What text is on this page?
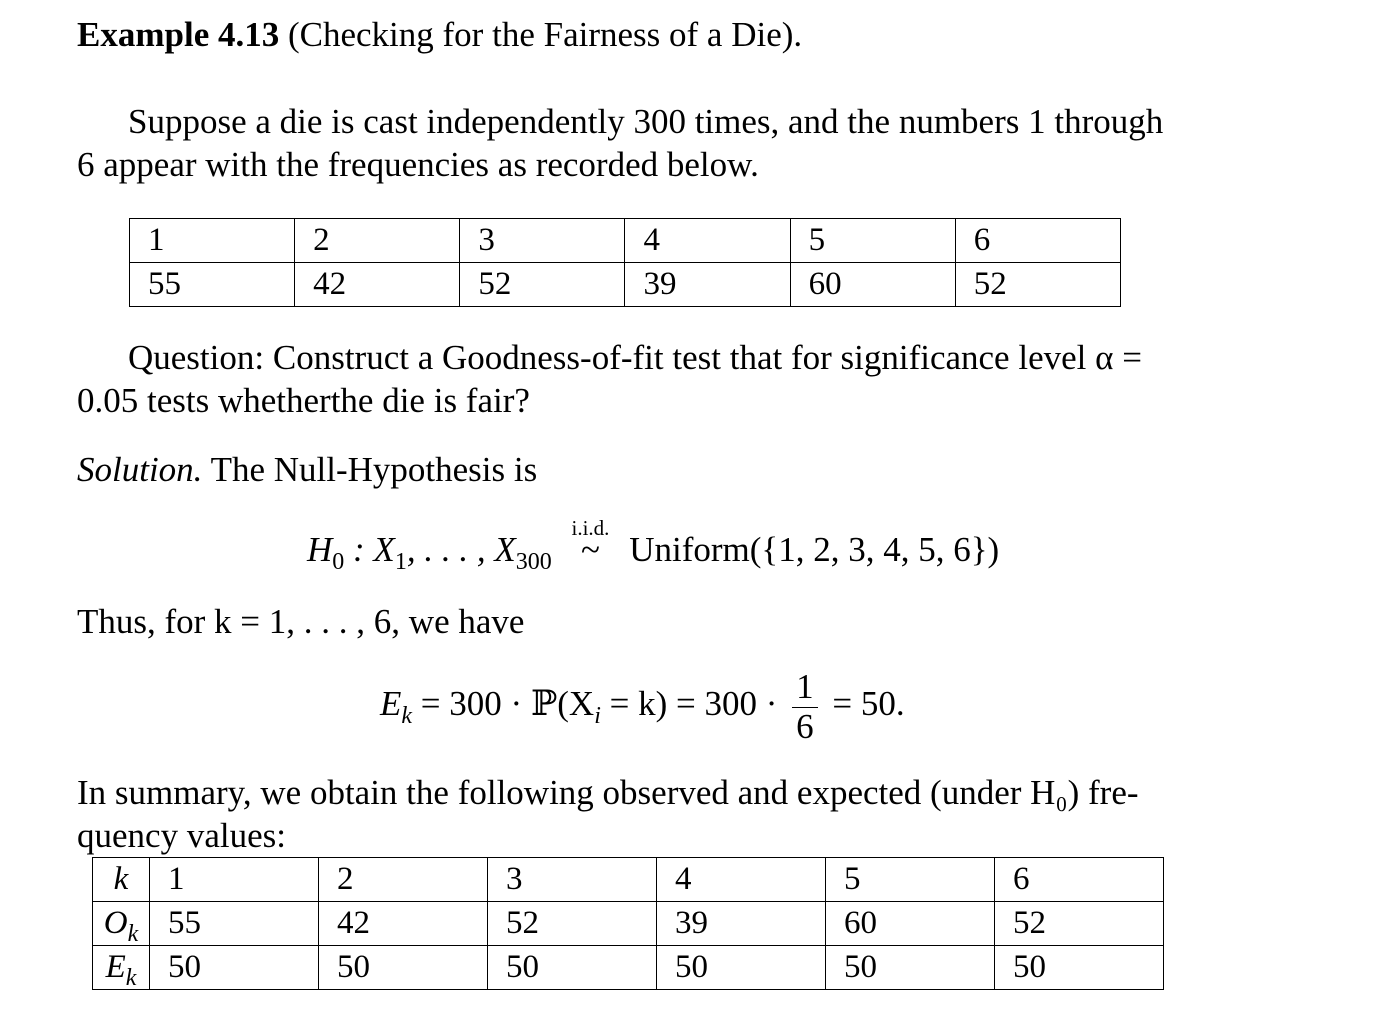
Example 4.13 (Checking for the Fairness of a Die).
Suppose a die is cast independently 300 times, and the numbers 1 through
6 appear with the frequencies as recorded below.
1	2	3	4	5	6
55	42	52	39	60	52
Question: Construct a Goodness-of-fit test that for significance level α =
0.05 tests whetherthe die is fair?
Solution. The Null-Hypothesis is
$H_0$ : $X_1$, . . . , $X_{300}$
i.i.d.
~ Uniform({1, 2, 3, 4, 5, 6})
Thus, for k = 1, . . . , 6, we have
$E_k = 300$ · $ℙ(X_i = k) = 300 \cdot \frac{1}{6} = 50$.
In summary, we obtain the following observed and expected (under H₀) fre-
quency values:
k	1	2	3	4	5	6
$O_k$	55	42	52	39	60	52
$E_k$	50	50	50	50	50	50
